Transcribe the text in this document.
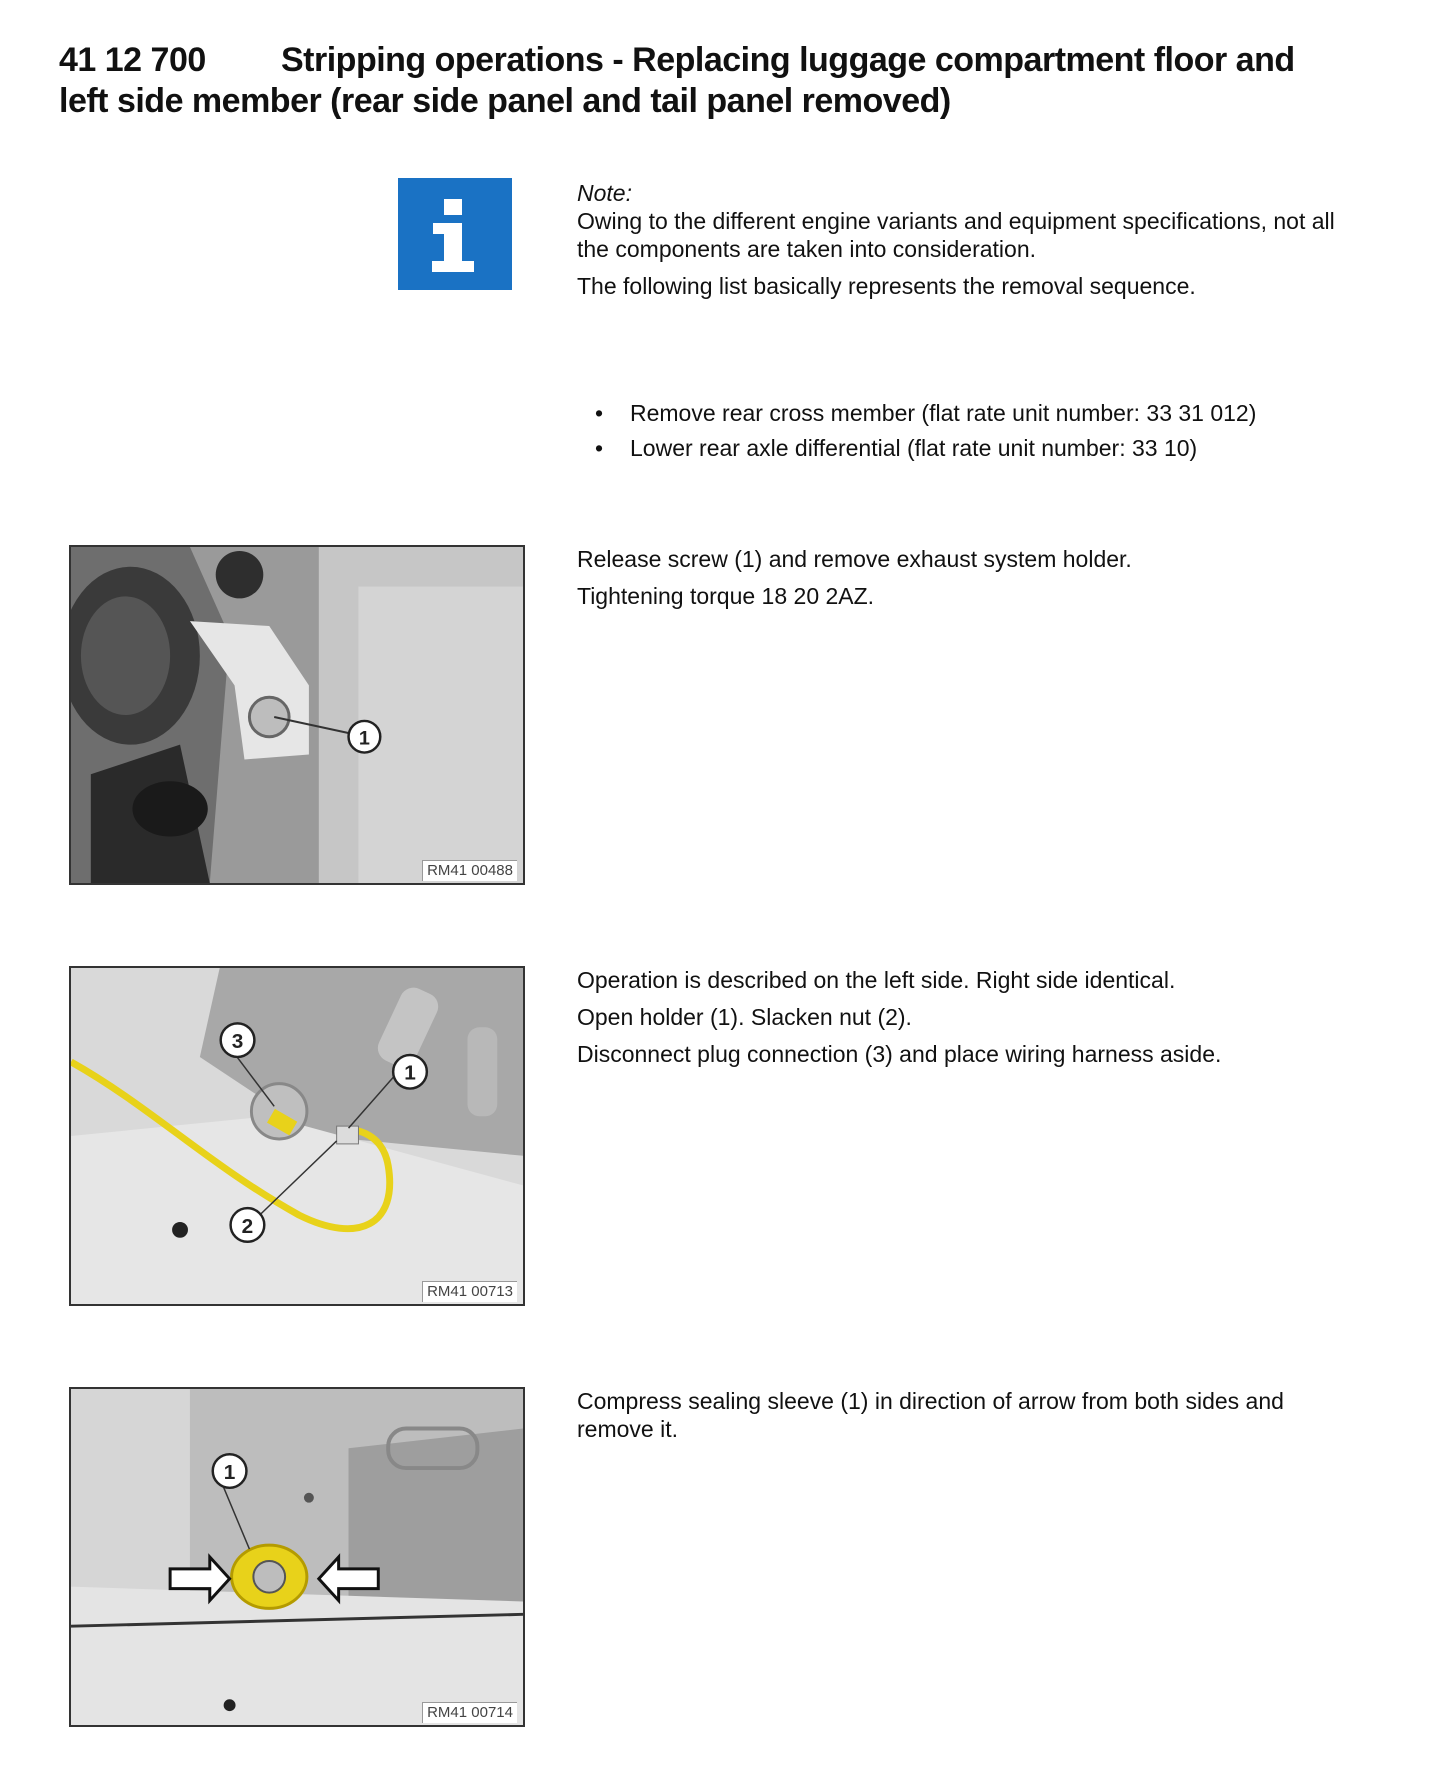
41 12 700 Stripping operations - Replacing luggage compartment floor and
left side member (rear side panel and tail panel removed)

Note:

Owing to the different engine variants and equipment specifications, not all the components are taken into consideration.

The following list basically represents the removal sequence.

• Remove rear cross member (flat rate unit number: 33 31 012)
• Lower rear axle differential (flat rate unit number: 33 10)

Release screw (1) and remove exhaust system holder.

Tightening torque 18 20 2AZ.

1
RM41 00488

Operation is described on the left side. Right side identical.

Open holder (1). Slacken nut (2).

Disconnect plug connection (3) and place wiring harness aside.

3
1
2
RM41 00713

Compress sealing sleeve (1) in direction of arrow from both sides and remove it.

1
RM41 00714
